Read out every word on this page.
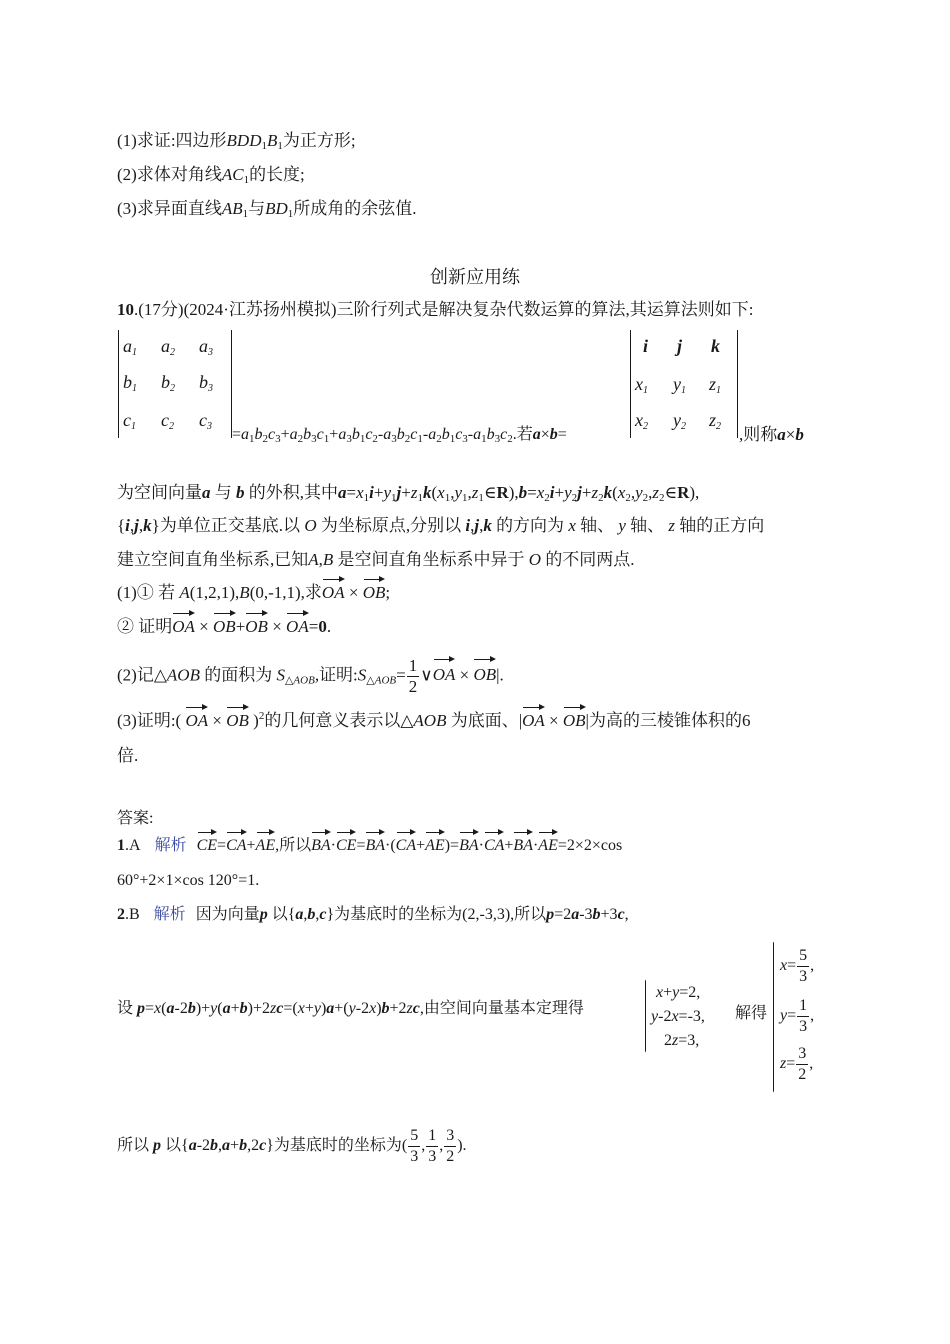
(1)求证:四边形$BDD_1B_1$为正方形;
(2)求体对角线$AC_1$的长度;
(3)求异面直线$AB_1$与$BD_1$所成角的余弦值.
创新应用练
10.(17分)(2024·江苏扬州模拟)三阶行列式是解决复杂代数运算的算法,其运算法则如下:
$a_1$ $a_2$ $a_3$
$b_1$ $b_2$ $b_3$
$c_1$ $c_2$ $c_3 =a_1b_2c_3+a_2b_3c_1+a_3b_1c_2-a_3b_2c_1-a_2b_1c_3-a_1b_3c_2$.若a×b=
i j k
$x_1$ $y_1$ $z_1$
$x_2$ $y_2$ $z_2$ ,则称a×b
为空间向量a 与 b 的外积,其中$a=x_1i+y_1j+z_1k(x_1,y_1,z_1\in R),b=x_2i+y_2j+z_2k(x_2,y_2,z_2\in R)$,
{i,j,k}为单位正交基底.以 O 为坐标原点,分别以 i,j,k 的方向为 x 轴、 y 轴、 z 轴的正方向
建立空间直角坐标系,已知A,B 是空间直角坐标系中异于 O 的不同两点.
(1)① 若 A(1,2,1),B(0,-1,1),求OA × OB;
② 证明OA × OB+OB × OA=0.
(2)记△AOB 的面积为 $S_{\triangle AOB}$,证明$:S_{\triangle AOB}= \frac{1}{2}$ ∨OA × OB|.
(3)证明:( OA × OB )$^2$的几何意义表示以△AOB 为底面、|OA × OB|为高的三棱锥体积的6
倍.
答案:
1.A 解析 CE=CA+AE,所以BA·CE=BA·(CA+AE)=BA·CA+BA·AE=2×2×cos
60°+2×1×cos 120°=1.
2.B 解析 因为向量p 以{a,b,c}为基底时的坐标为(2,-3,3),所以p=2a-3b+3c,
设 p=x(a-2b)+y(a+b)+2zc=(x+y)a+(y-2x)b+2zc,由空间向量基本定理得
x+y=2,
y-2x=-3,
2z=3,
解得
$x= \frac{5}{3}$ ,
$y= \frac{1}{3}$ ,
$z= \frac{3}{2}$ ,
所以 p 以{a-2b,a+b,2c}为基底时的坐标为( $\frac{5}{3}$ , $\frac{1}{3}$ , $\frac{3}{2}$ ).
